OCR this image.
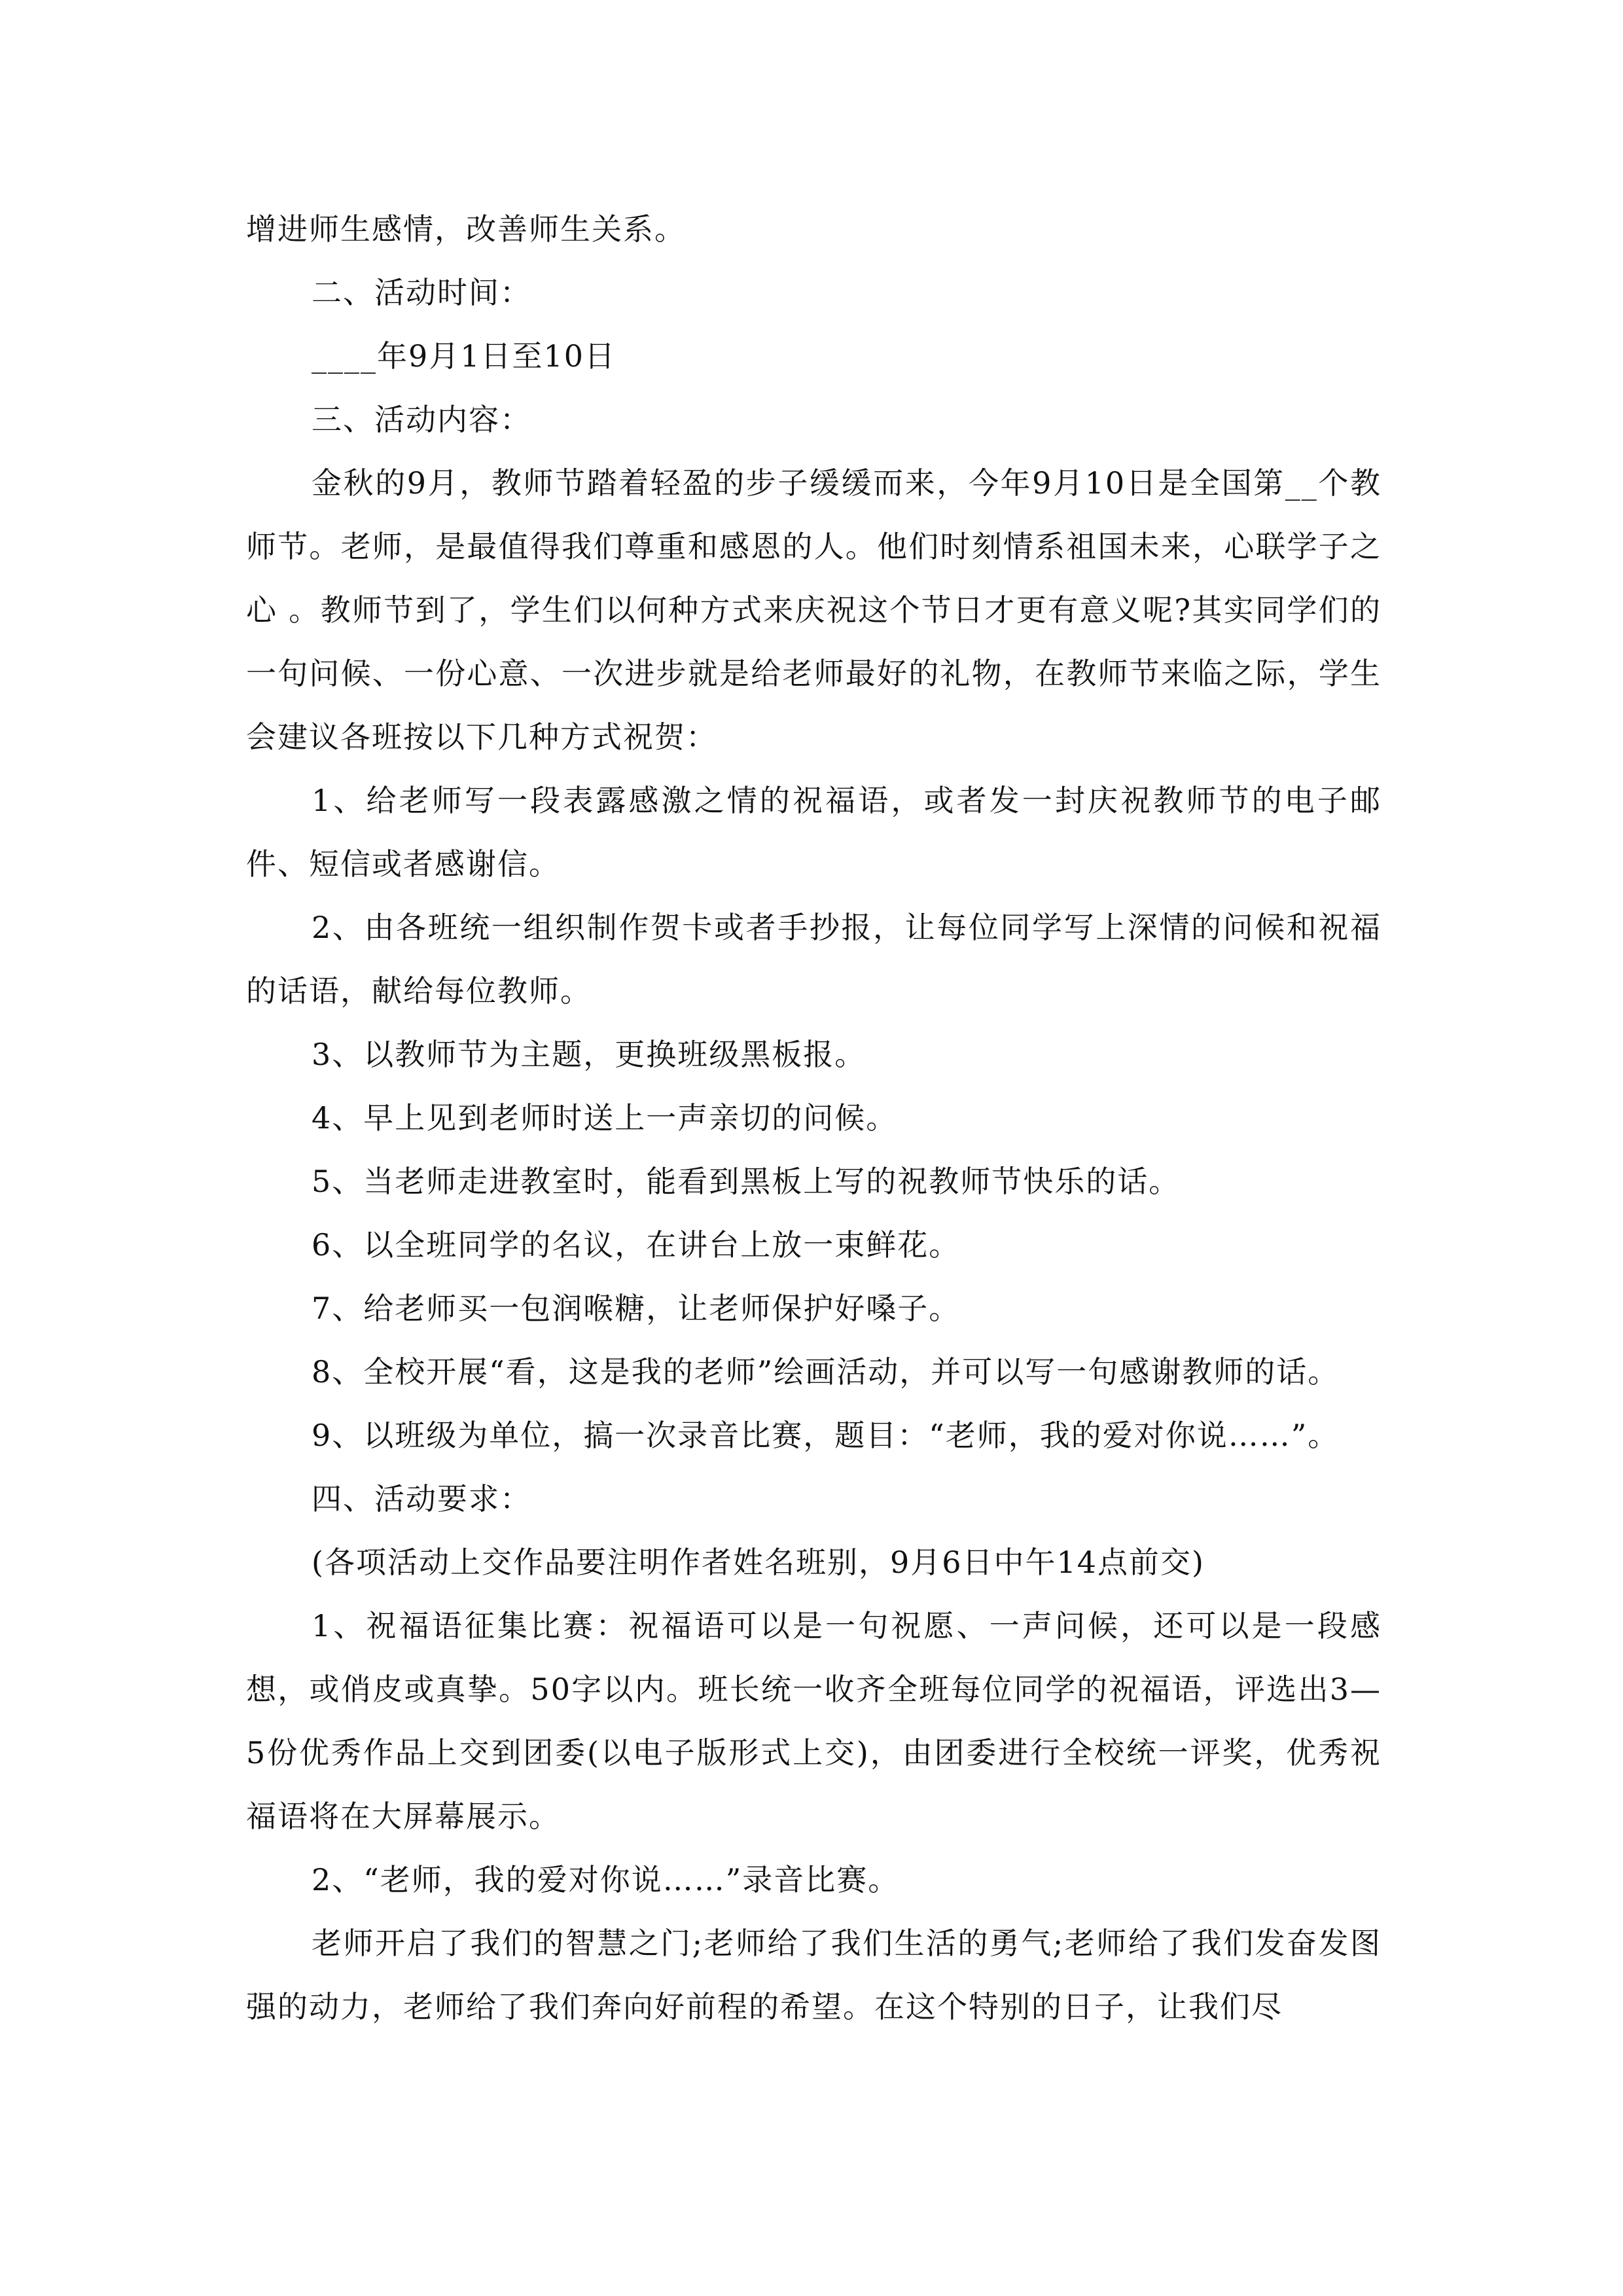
增进师生感情，改善师生关系。

二、活动时间：

____年9月1日至10日

三、活动内容：

金秋的9月，教师节踏着轻盈的步子缓缓而来，今年9月10日是全国第__个教师节。老师，是最值得我们尊重和感恩的人。他们时刻情系祖国未来，心联学子之心 。教师节到了，学生们以何种方式来庆祝这个节日才更有意义呢?其实同学们的一句问候、一份心意、一次进步就是给老师最好的礼物，在教师节来临之际，学生会建议各班按以下几种方式祝贺：

1、给老师写一段表露感激之情的祝福语，或者发一封庆祝教师节的电子邮件、短信或者感谢信。

2、由各班统一组织制作贺卡或者手抄报，让每位同学写上深情的问候和祝福的话语，献给每位教师。

3、以教师节为主题，更换班级黑板报。

4、早上见到老师时送上一声亲切的问候。

5、当老师走进教室时，能看到黑板上写的祝教师节快乐的话。

6、以全班同学的名议，在讲台上放一束鲜花。

7、给老师买一包润喉糖，让老师保护好嗓子。

8、全校开展“看，这是我的老师”绘画活动，并可以写一句感谢教师的话。

9、以班级为单位，搞一次录音比赛，题目：“老师，我的爱对你说……”。

四、活动要求：

(各项活动上交作品要注明作者姓名班别，9月6日中午14点前交)

1、祝福语征集比赛：祝福语可以是一句祝愿、一声问候，还可以是一段感想，或俏皮或真挚。50字以内。班长统一收齐全班每位同学的祝福语，评选出3—5份优秀作品上交到团委(以电子版形式上交)，由团委进行全校统一评奖，优秀祝福语将在大屏幕展示。

2、“老师，我的爱对你说……”录音比赛。

老师开启了我们的智慧之门;老师给了我们生活的勇气;老师给了我们发奋发图强的动力，老师给了我们奔向好前程的希望。在这个特别的日子，让我们尽
